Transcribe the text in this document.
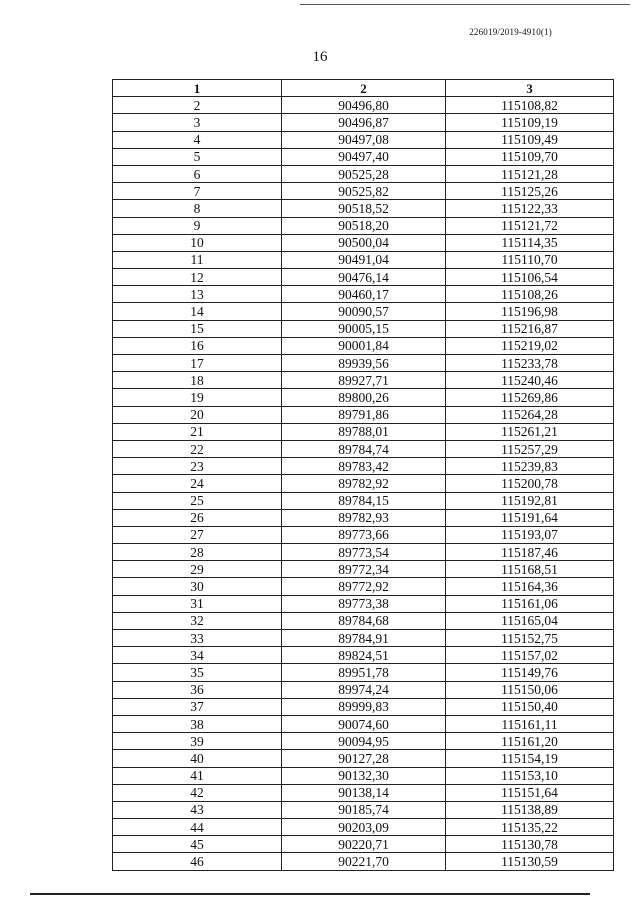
226019/2019-4910(1)
16
1	2	3
2	90496,80	115108,82
3	90496,87	115109,19
4	90497,08	115109,49
5	90497,40	115109,70
6	90525,28	115121,28
7	90525,82	115125,26
8	90518,52	115122,33
9	90518,20	115121,72
10	90500,04	115114,35
11	90491,04	115110,70
12	90476,14	115106,54
13	90460,17	115108,26
14	90090,57	115196,98
15	90005,15	115216,87
16	90001,84	115219,02
17	89939,56	115233,78
18	89927,71	115240,46
19	89800,26	115269,86
20	89791,86	115264,28
21	89788,01	115261,21
22	89784,74	115257,29
23	89783,42	115239,83
24	89782,92	115200,78
25	89784,15	115192,81
26	89782,93	115191,64
27	89773,66	115193,07
28	89773,54	115187,46
29	89772,34	115168,51
30	89772,92	115164,36
31	89773,38	115161,06
32	89784,68	115165,04
33	89784,91	115152,75
34	89824,51	115157,02
35	89951,78	115149,76
36	89974,24	115150,06
37	89999,83	115150,40
38	90074,60	115161,11
39	90094,95	115161,20
40	90127,28	115154,19
41	90132,30	115153,10
42	90138,14	115151,64
43	90185,74	115138,89
44	90203,09	115135,22
45	90220,71	115130,78
46	90221,70	115130,59
